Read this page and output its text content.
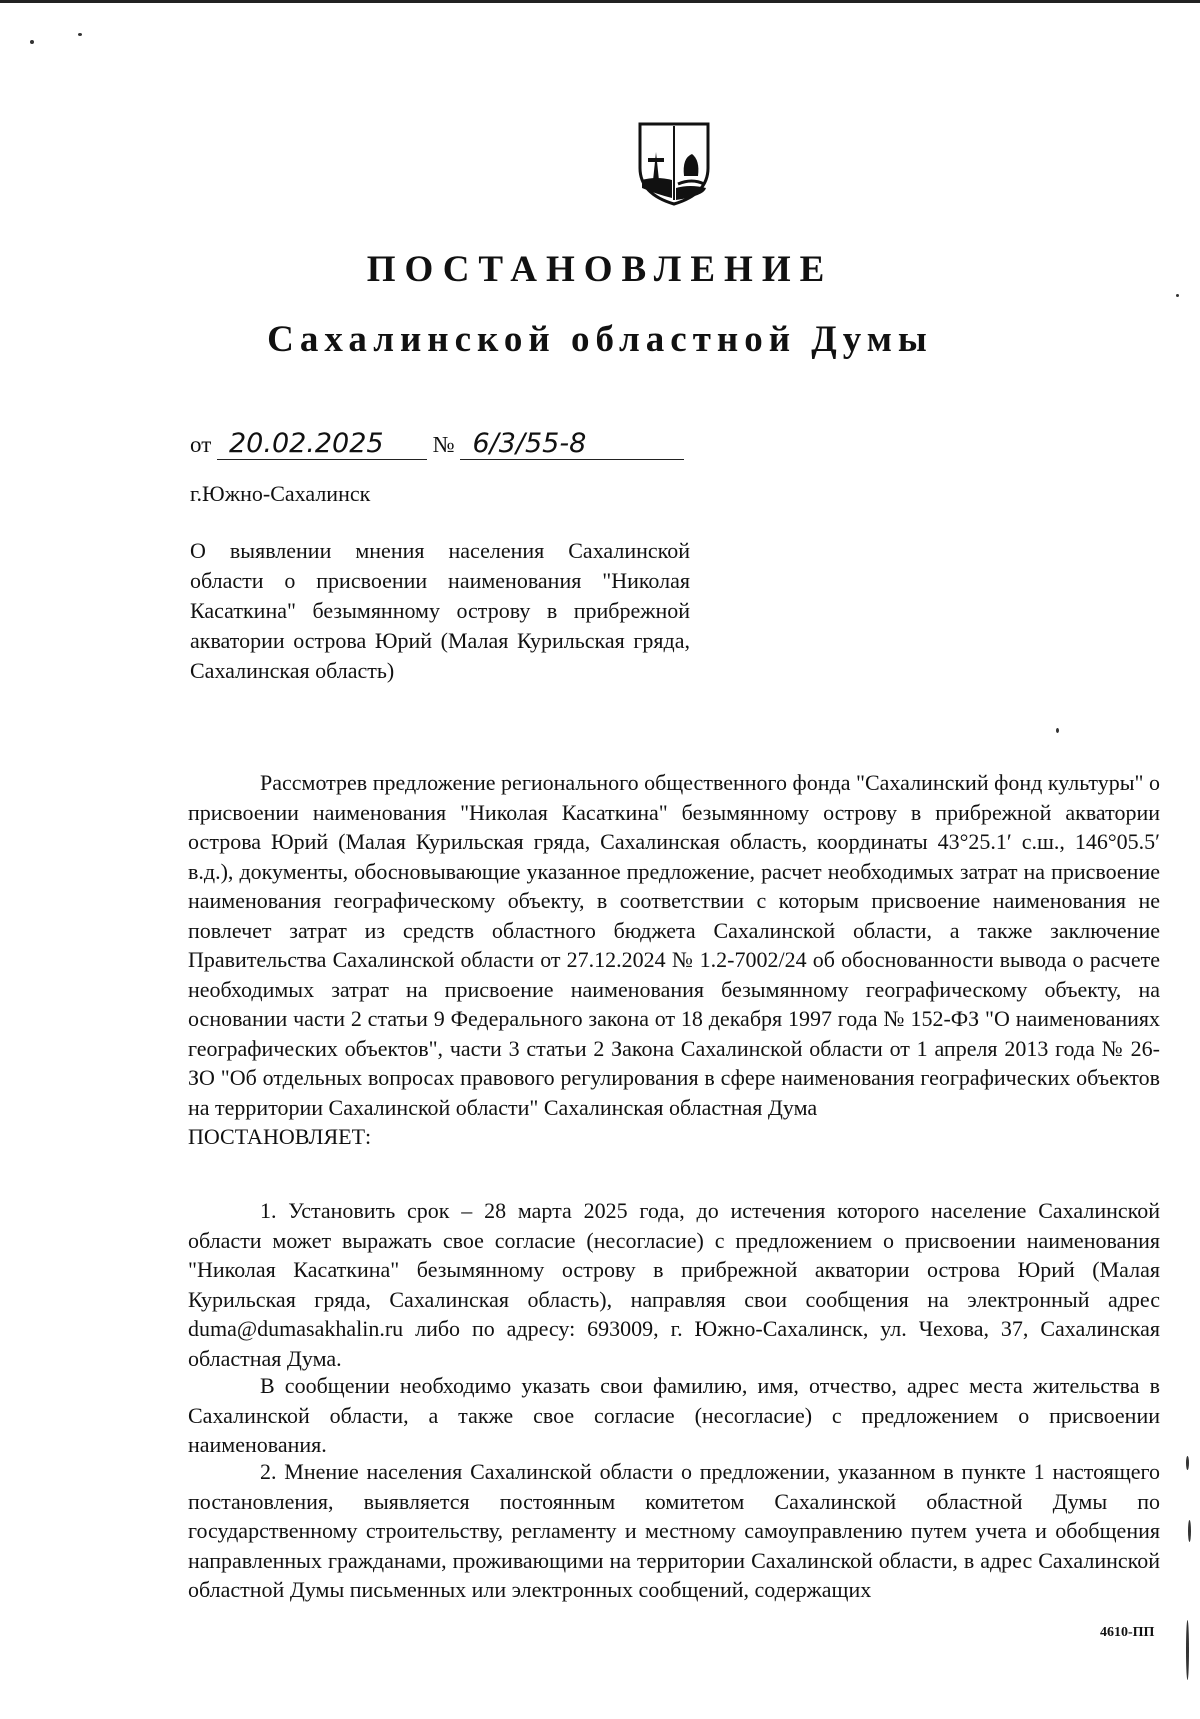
ПОСТАНОВЛЕНИЕ
Сахалинской областной Думы
от 20.02.2025 № 6/3/55-8
г.Южно-Сахалинск

О выявлении мнения населения Сахалинской области о присвоении наименования "Николая Касаткина" безымянному острову в прибрежной акватории острова Юрий (Малая Курильская гряда, Сахалинская область)

Рассмотрев предложение регионального общественного фонда "Сахалинский фонд культуры" о присвоении наименования "Николая Касаткина" безымянному острову в прибрежной акватории острова Юрий (Малая Курильская гряда, Сахалинская область, координаты 43°25.1′ с.ш., 146°05.5′ в.д.), документы, обосновывающие указанное предложение, расчет необходимых затрат на присвоение наименования географическому объекту, в соответствии с которым присвоение наименования не повлечет затрат из средств областного бюджета Сахалинской области, а также заключение Правительства Сахалинской области от 27.12.2024 № 1.2-7002/24 об обоснованности вывода о расчете необходимых затрат на присвоение наименования безымянному географическому объекту, на основании части 2 статьи 9 Федерального закона от 18 декабря 1997 года № 152-ФЗ "О наименованиях географических объектов", части 3 статьи 2 Закона Сахалинской области от 1 апреля 2013 года № 26-ЗО "Об отдельных вопросах правового регулирования в сфере наименования географических объектов на территории Сахалинской области" Сахалинская областная Дума
ПОСТАНОВЛЯЕТ:

1. Установить срок – 28 марта 2025 года, до истечения которого население Сахалинской области может выражать свое согласие (несогласие) с предложением о присвоении наименования "Николая Касаткина" безымянному острову в прибрежной акватории острова Юрий (Малая Курильская гряда, Сахалинская область), направляя свои сообщения на электронный адрес duma@dumasakhalin.ru либо по адресу: 693009, г. Южно-Сахалинск, ул. Чехова, 37, Сахалинская областная Дума.

В сообщении необходимо указать свои фамилию, имя, отчество, адрес места жительства в Сахалинской области, а также свое согласие (несогласие) с предложением о присвоении наименования.

2. Мнение населения Сахалинской области о предложении, указанном в пункте 1 настоящего постановления, выявляется постоянным комитетом Сахалинской областной Думы по государственному строительству, регламенту и местному самоуправлению путем учета и обобщения направленных гражданами, проживающими на территории Сахалинской области, в адрес Сахалинской областной Думы письменных или электронных сообщений, содержащих

4610-ПП
